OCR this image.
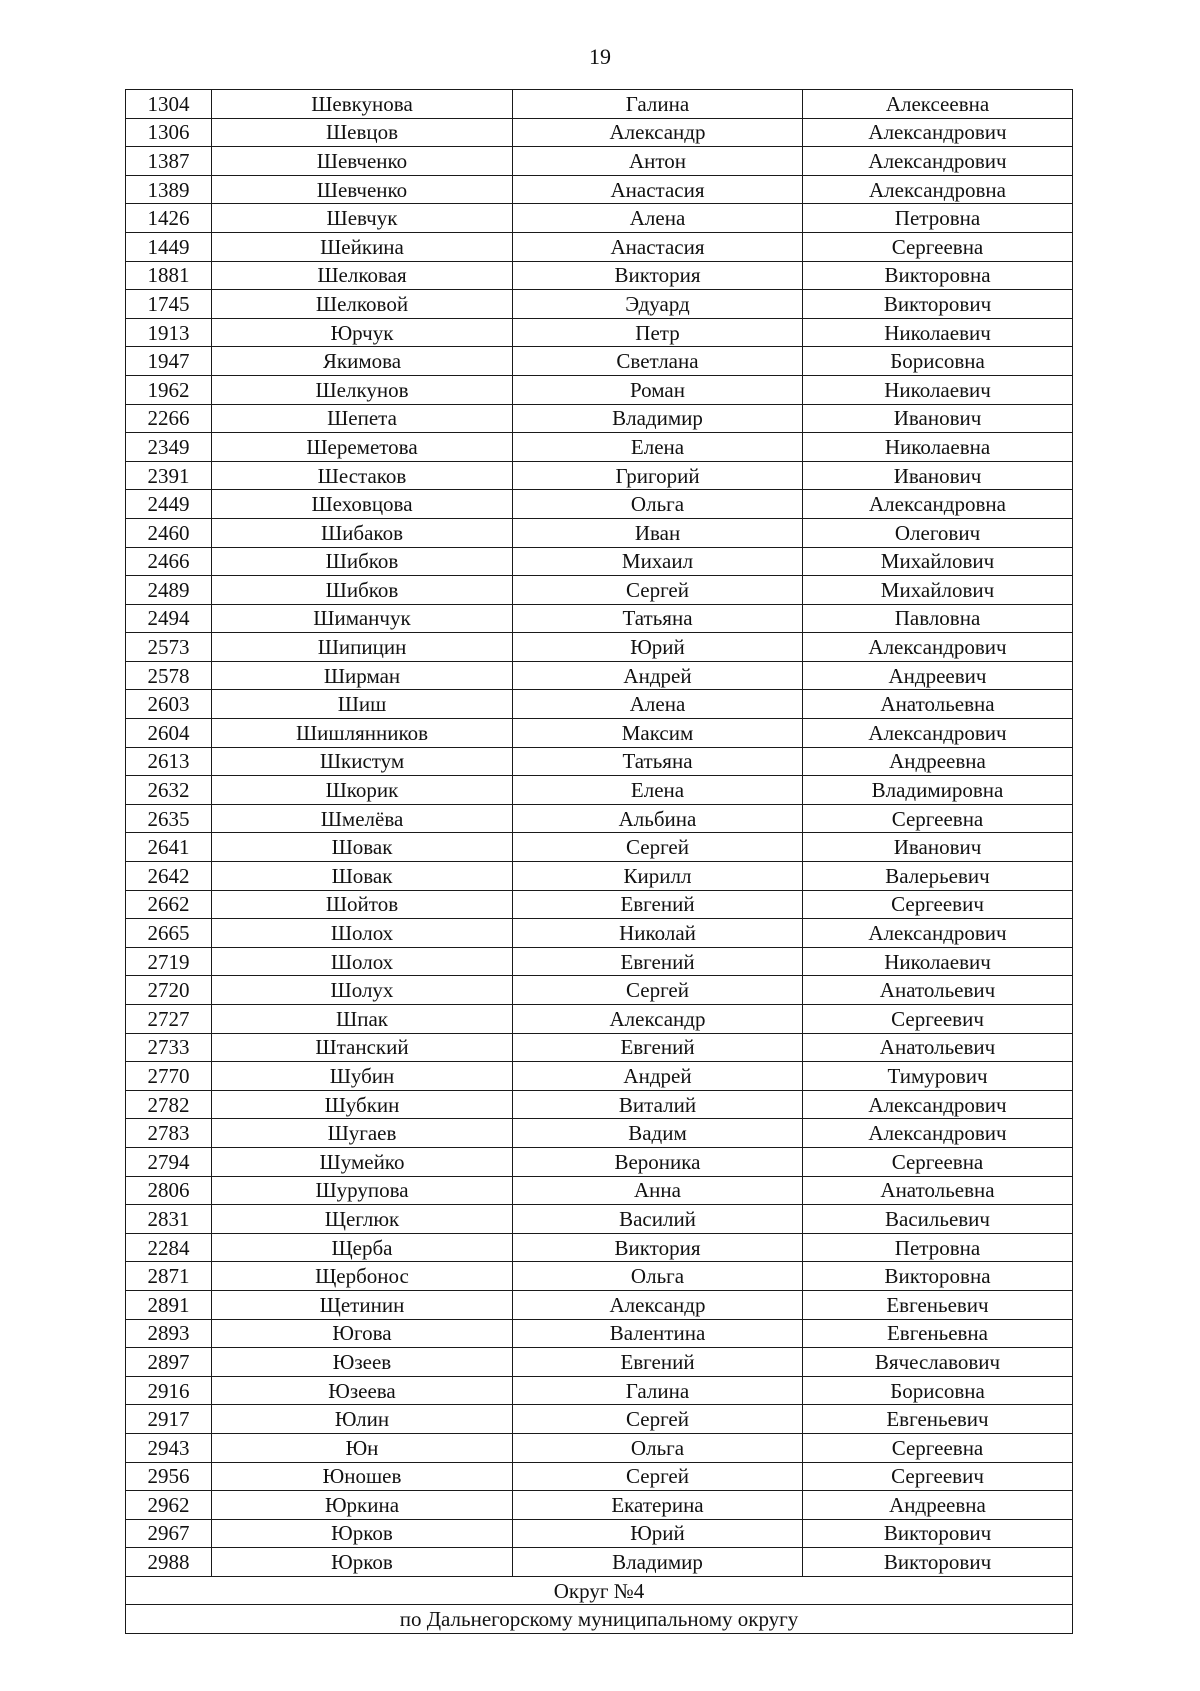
19
1304	Шевкунова	Галина	Алексеевна
1306	Шевцов	Александр	Александрович
1387	Шевченко	Антон	Александрович
1389	Шевченко	Анастасия	Александровна
1426	Шевчук	Алена	Петровна
1449	Шейкина	Анастасия	Сергеевна
1881	Шелковая	Виктория	Викторовна
1745	Шелковой	Эдуард	Викторович
1913	Юрчук	Петр	Николаевич
1947	Якимова	Светлана	Борисовна
1962	Шелкунов	Роман	Николаевич
2266	Шепета	Владимир	Иванович
2349	Шереметова	Елена	Николаевна
2391	Шестаков	Григорий	Иванович
2449	Шеховцова	Ольга	Александровна
2460	Шибаков	Иван	Олегович
2466	Шибков	Михаил	Михайлович
2489	Шибков	Сергей	Михайлович
2494	Шиманчук	Татьяна	Павловна
2573	Шипицин	Юрий	Александрович
2578	Ширман	Андрей	Андреевич
2603	Шиш	Алена	Анатольевна
2604	Шишлянников	Максим	Александрович
2613	Шкистум	Татьяна	Андреевна
2632	Шкорик	Елена	Владимировна
2635	Шмелёва	Альбина	Сергеевна
2641	Шовак	Сергей	Иванович
2642	Шовак	Кирилл	Валерьевич
2662	Шойтов	Евгений	Сергеевич
2665	Шолох	Николай	Александрович
2719	Шолох	Евгений	Николаевич
2720	Шолух	Сергей	Анатольевич
2727	Шпак	Александр	Сергеевич
2733	Штанский	Евгений	Анатольевич
2770	Шубин	Андрей	Тимурович
2782	Шубкин	Виталий	Александрович
2783	Шугаев	Вадим	Александрович
2794	Шумейко	Вероника	Сергеевна
2806	Шурупова	Анна	Анатольевна
2831	Щеглюк	Василий	Васильевич
2284	Щерба	Виктория	Петровна
2871	Щербонос	Ольга	Викторовна
2891	Щетинин	Александр	Евгеньевич
2893	Югова	Валентина	Евгеньевна
2897	Юзеев	Евгений	Вячеславович
2916	Юзеева	Галина	Борисовна
2917	Юлин	Сергей	Евгеньевич
2943	Юн	Ольга	Сергеевна
2956	Юношев	Сергей	Сергеевич
2962	Юркина	Екатерина	Андреевна
2967	Юрков	Юрий	Викторович
2988	Юрков	Владимир	Викторович
Округ №4			
по Дальнегорскому муниципальному округу			
